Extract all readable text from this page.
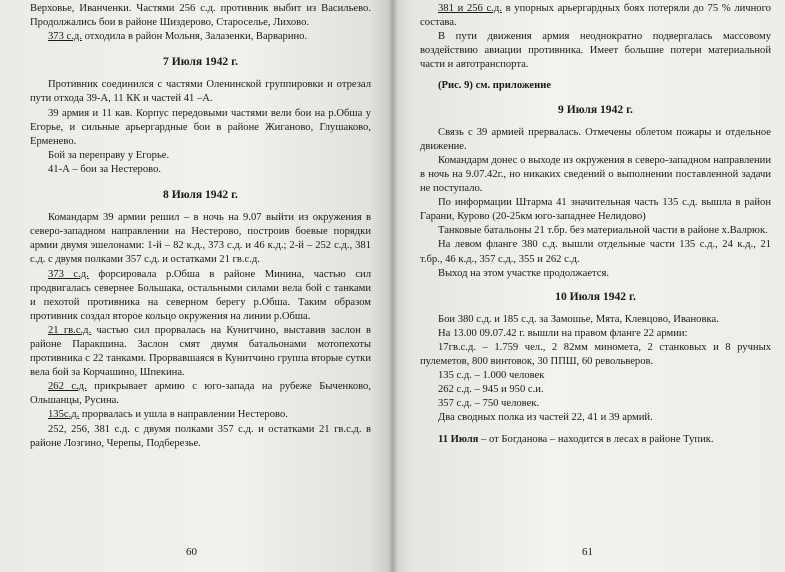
Верховье, Иванченки. Частями 256 с.д. противник выбит из Васильево. Продолжались бои в районе Шиздерово, Староселье, Лихово.

373 с.д. отходила в район Мольня, Залазенки, Варварино.

7 Июля 1942 г.

Противник соединился с частями Оленинской группировки и отрезал пути отхода 39-А, 11 КК и частей 41 –А.

39 армия и 11 кав. Корпус передовыми частями вели бои на р.Обша у Егорье, и сильные арьергардные бои в районе Жиганово, Глушаково, Ерменево.

Бой за переправу у Егорье.

41-А – бои за Нестерово.

8 Июля 1942 г.

Командарм 39 армии решил – в ночь на 9.07 выйти из окружения в северо-западном направлении на Нестерово, построив боевые порядки армии двумя эшелонами: 1-й – 82 к.д., 373 с.д. и 46 к.д.; 2-й – 252 с.д., 381 с.д. с двумя полками 357 с.д. и остатками 21 гв.с.д.

373 с.д. форсировала р.Обша в районе Минина, частью сил продвигалась севернее Большака, остальными силами вела бой с танками и пехотой противника на северном берегу р.Обша. Таким образом противник создал второе кольцо окружения на линии р.Обша.

21 гв.с.д. частью сил прорвалась на Кунитчино, выставив заслон в районе Паракшина. Заслон смят двумя батальонами мотопехоты противника с 22 танками. Прорвавшаяся в Кунитчино группа вторые сутки вела бой за Корчашино, Шпекина.

262 с.д. прикрывает армию с юго-запада на рубеже Быченково, Ольшанцы, Русина.

135с.д. прорвалась и ушла в направлении Нестерово.

252, 256, 381 с.д. с двумя полками 357 с.д. и остатками 21 гв.с.д. в районе Лозгино, Черепы, Подберезье.

60

381 и 256 с.д. в упорных арьергардных боях потеряли до 75 % личного состава.

В пути движения армия неоднократно подвергалась массовому воздействию авиации противника. Имеет большие потери материальной части и автотранспорта.

(Рис. 9) см. приложение

9 Июля 1942 г.

Связь с 39 армией прервалась. Отмечены облетом пожары и отдельное движение.

Командарм донес о выходе из окружения в северо-западном направлении в ночь на 9.07.42г., но никаких сведений о выполнении поставленной задачи не поступало.

По информации Штарма 41 значительная часть 135 с.д. вышла в район Гарани, Курово (20-25км юго-западнее Нелидово)

Танковые батальоны 21 т.бр. без материальной части в районе х.Валрюк.

На левом фланге 380 с.д. вышли отдельные части 135 с.д., 24 к.д., 21 т.бр., 46 к.д., 357 с.д., 355 и 262 с.д.

Выход на этом участке продолжается.

10 Июля 1942 г.

Бои 380 с.д. и 185 с.д. за Замошье, Мята, Клевцово, Ивановка.

На 13.00 09.07.42 г. вышли на правом фланге 22 армии:

17гв.с.д. – 1.759 чел., 2 82мм миномета, 2 станковых и 8 ручных пулеметов, 800 винтовок, 30 ППШ, 60 револьверов.

135 с.д. – 1.000 человек

262 с.д. – 945 и 950 с.и.

357 с.д. – 750 человек.

Два сводных полка из частей 22, 41 и 39 армий.

11 Июля – от Богданова – находится в лесах в районе Тупик.

61
